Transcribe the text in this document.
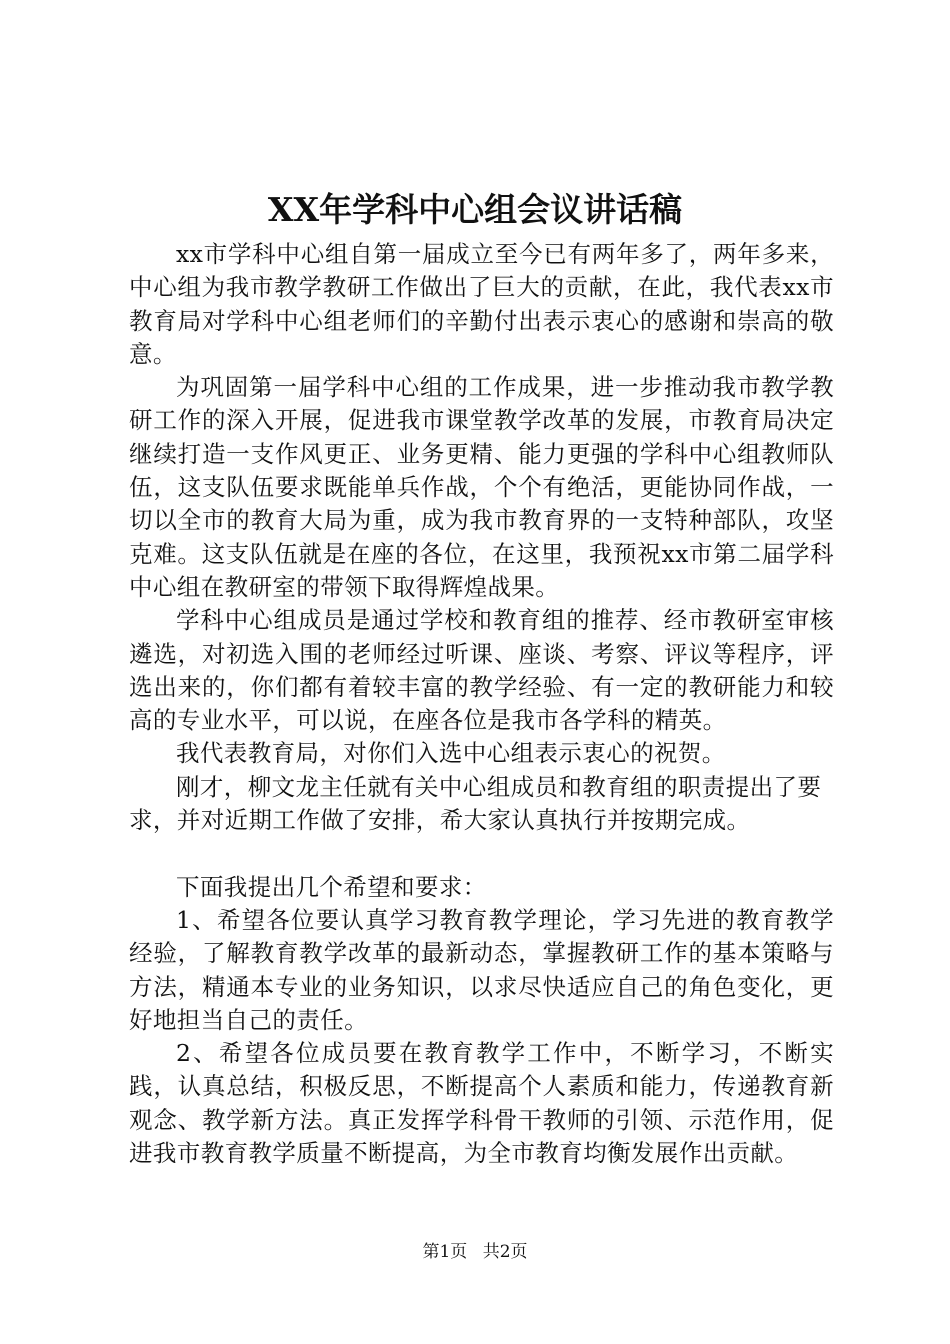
XX年学科中心组会议讲话稿

xx市学科中心组自第一届成立至今已有两年多了，两年多来，中心组为我市教学教研工作做出了巨大的贡献，在此，我代表xx市教育局对学科中心组老师们的辛勤付出表示衷心的感谢和崇高的敬意。

为巩固第一届学科中心组的工作成果，进一步推动我市教学教研工作的深入开展，促进我市课堂教学改革的发展，市教育局决定继续打造一支作风更正、业务更精、能力更强的学科中心组教师队伍，这支队伍要求既能单兵作战，个个有绝活，更能协同作战，一切以全市的教育大局为重，成为我市教育界的一支特种部队，攻坚克难。这支队伍就是在座的各位，在这里，我预祝xx市第二届学科中心组在教研室的带领下取得辉煌战果。

学科中心组成员是通过学校和教育组的推荐、经市教研室审核遴选，对初选入围的老师经过听课、座谈、考察、评议等程序，评选出来的，你们都有着较丰富的教学经验、有一定的教研能力和较高的专业水平，可以说，在座各位是我市各学科的精英。

我代表教育局，对你们入选中心组表示衷心的祝贺。

刚才，柳文龙主任就有关中心组成员和教育组的职责提出了要求，并对近期工作做了安排，希大家认真执行并按期完成。

下面我提出几个希望和要求：

1、希望各位要认真学习教育教学理论，学习先进的教育教学经验，了解教育教学改革的最新动态，掌握教研工作的基本策略与方法，精通本专业的业务知识，以求尽快适应自己的角色变化，更好地担当自己的责任。

2、希望各位成员要在教育教学工作中，不断学习，不断实践，认真总结，积极反思，不断提高个人素质和能力，传递教育新观念、教学新方法。真正发挥学科骨干教师的引领、示范作用，促进我市教育教学质量不断提高，为全市教育均衡发展作出贡献。

第1页 共2页
